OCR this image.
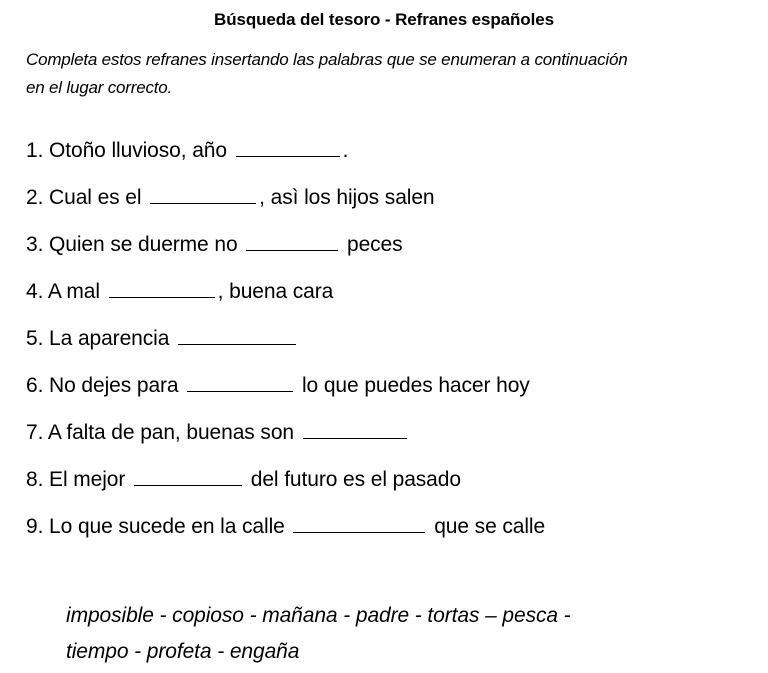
Búsqueda del tesoro - Refranes españoles
Completa estos refranes insertando las palabras que se enumeran a continuación
en el lugar correcto.
1. Otoño lluvioso, año	.
2. Cual es el	, asì los hijos salen
3. Quien se duerme no	peces
4. A mal	, buena cara
5. La aparencia
6. No dejes para	lo que puedes hacer hoy
7. A falta de pan, buenas son
8. El mejor	del futuro es el pasado
9. Lo que sucede en la calle	que se calle
imposible - copioso - mañana - padre - tortas – pesca -
tiempo - profeta - engaña
